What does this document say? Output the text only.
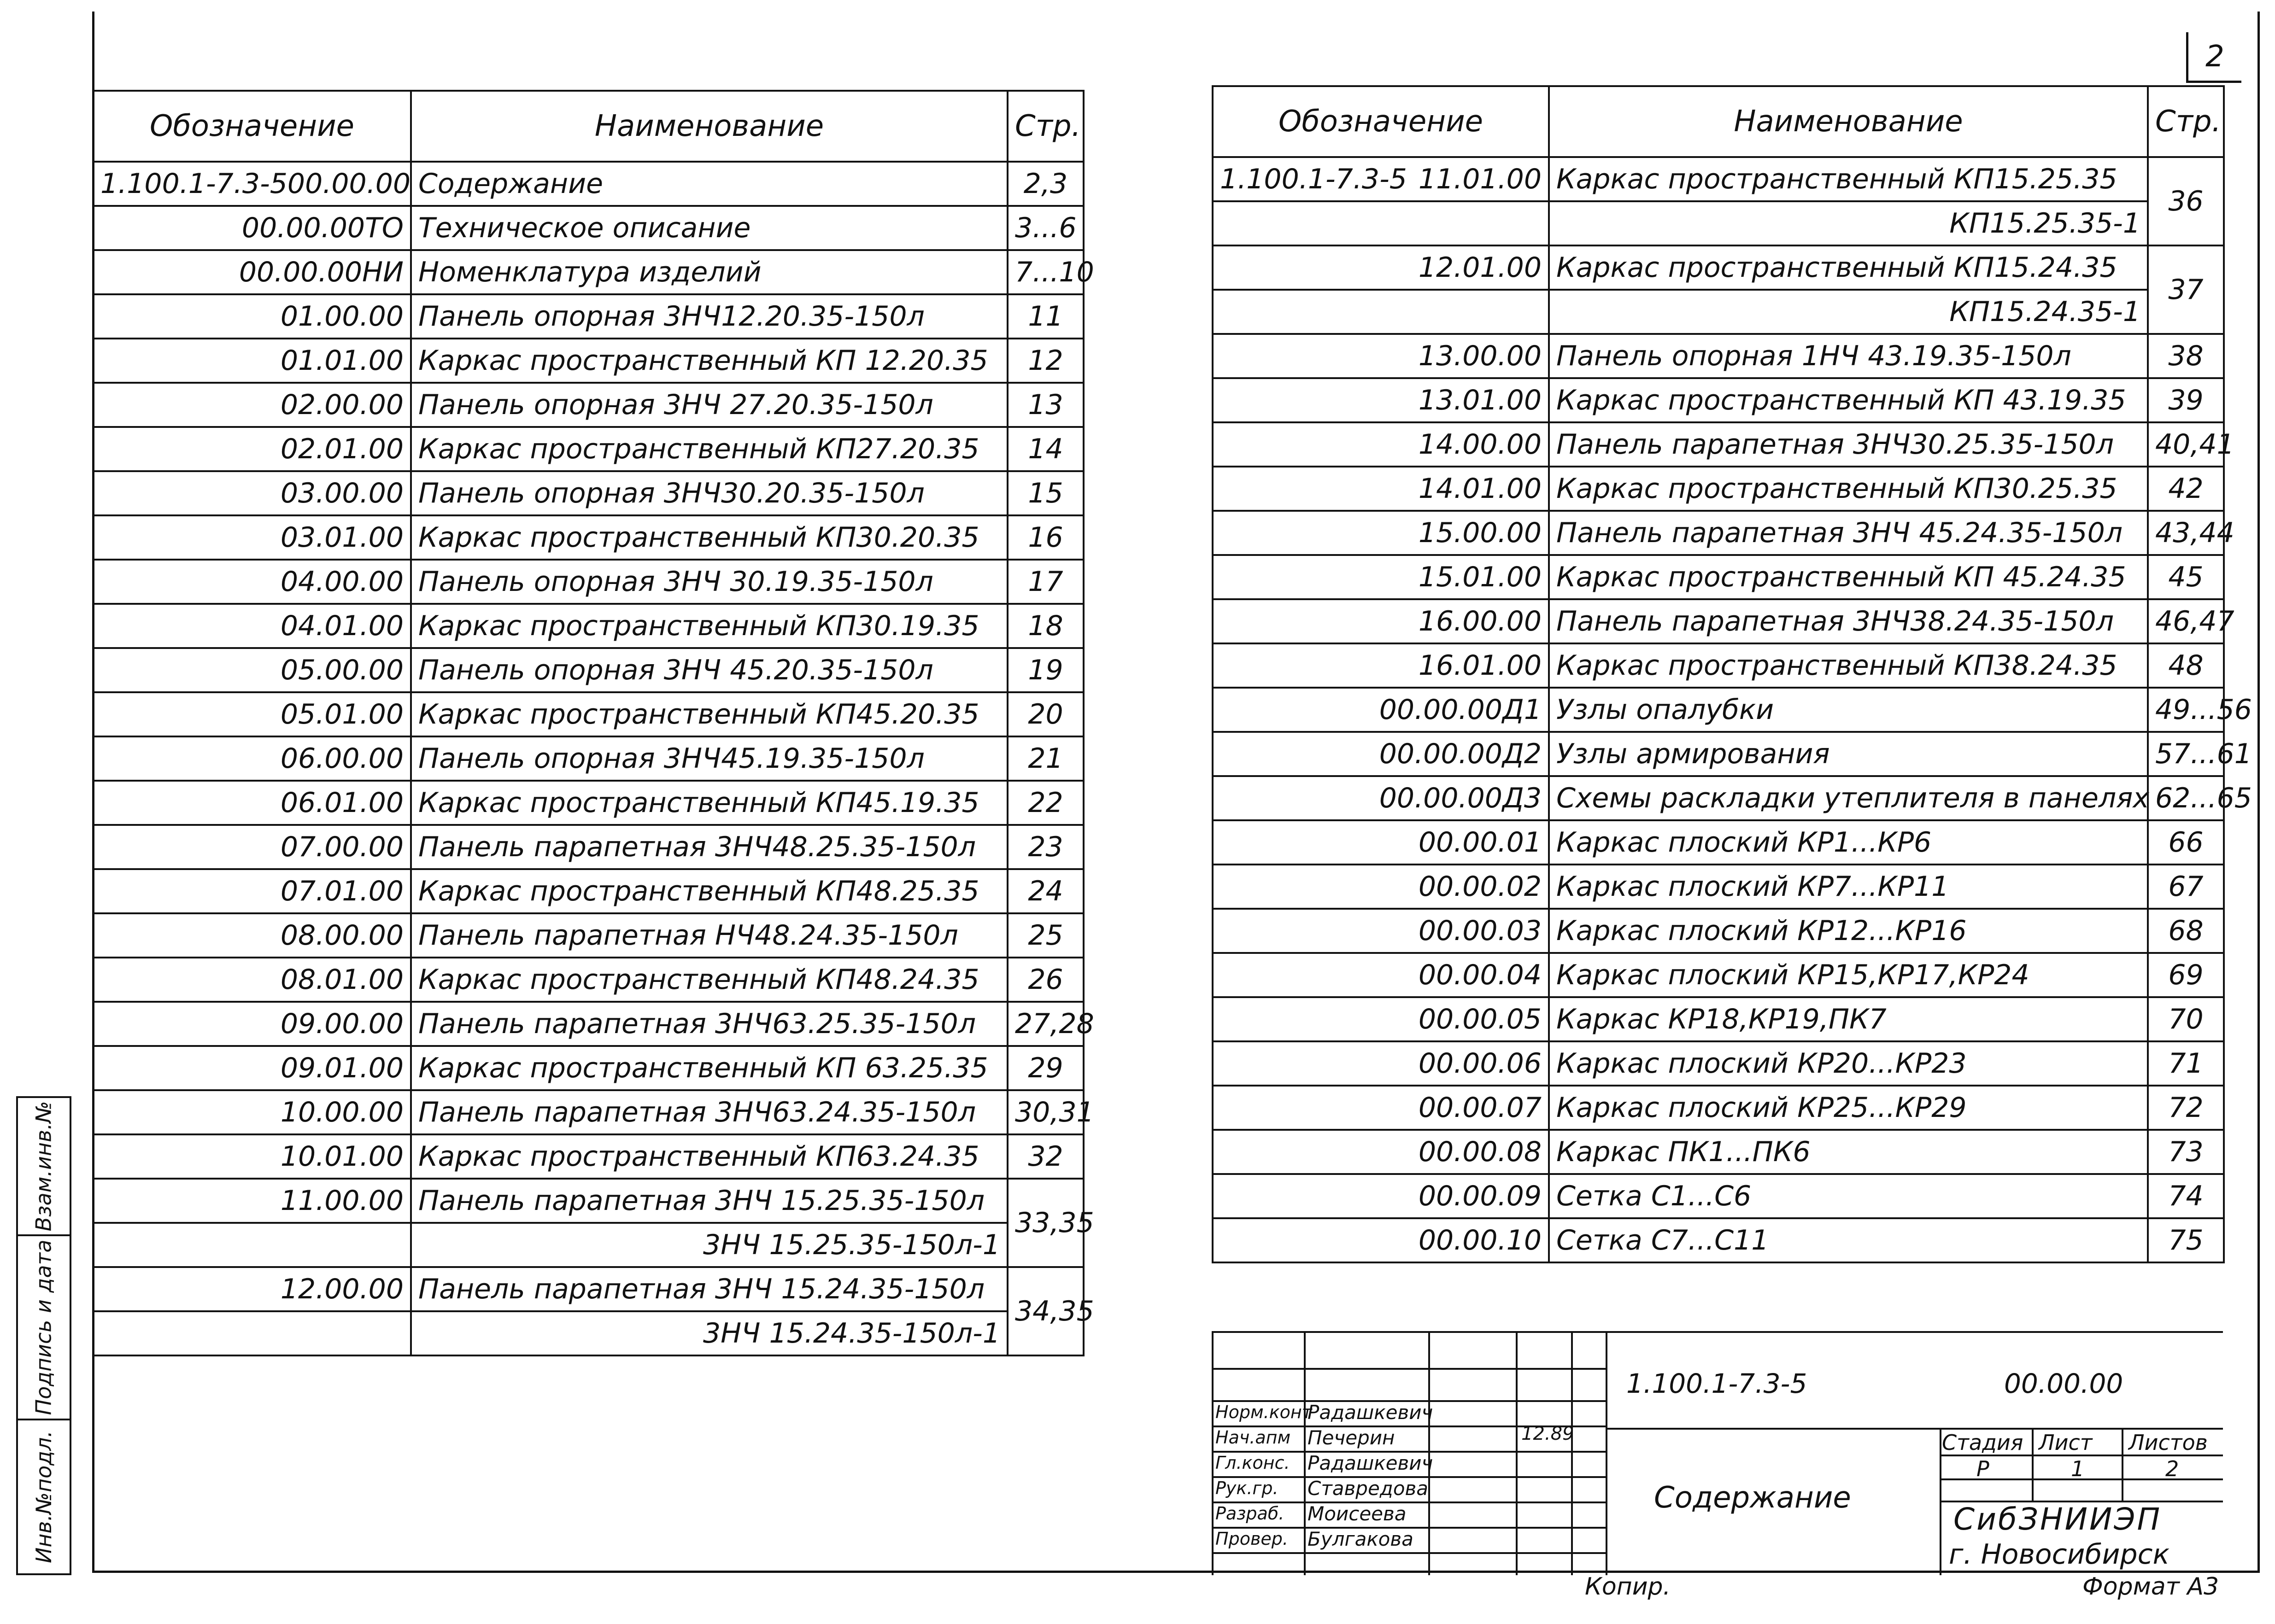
2
Обозначение	Наименование	Стр.

1.100.1-7.3-5 00.00.00	Содержание	2,3
00.00.00ТО	Техническое описание	3...6
00.00.00НИ	Номенклатура изделий	7...10
01.00.00	Панель опорная 3НЧ12.20.35-150л	11
01.01.00	Каркас пространственный КП 12.20.35	12
02.00.00	Панель опорная 3НЧ 27.20.35-150л	13
02.01.00	Каркас пространственный КП27.20.35	14
03.00.00	Панель опорная 3НЧ30.20.35-150л	15
03.01.00	Каркас пространственный КП30.20.35	16
04.00.00	Панель опорная 3НЧ 30.19.35-150л	17
04.01.00	Каркас пространственный КП30.19.35	18
05.00.00	Панель опорная 3НЧ 45.20.35-150л	19
05.01.00	Каркас пространственный КП45.20.35	20
06.00.00	Панель опорная 3НЧ45.19.35-150л	21
06.01.00	Каркас пространственный КП45.19.35	22
07.00.00	Панель парапетная 3НЧ48.25.35-150л	23
07.01.00	Каркас пространственный КП48.25.35	24
08.00.00	Панель парапетная НЧ48.24.35-150л	25
08.01.00	Каркас пространственный КП48.24.35	26
09.00.00	Панель парапетная 3НЧ63.25.35-150л	27,28
09.01.00	Каркас пространственный КП 63.25.35	29
10.00.00	Панель парапетная 3НЧ63.24.35-150л	30,31
10.01.00	Каркас пространственный КП63.24.35	32
11.00.00	Панель парапетная 3НЧ 15.25.35-150л	33,35
	3НЧ 15.25.35-150л-1	
12.00.00	Панель парапетная 3НЧ 15.24.35-150л	34,35
	3НЧ 15.24.35-150л-1	
Обозначение	Наименование	Стр.

1.100.1-7.3-5 11.01.00	Каркас пространственный КП15.25.35	36
	КП15.25.35-1	
12.01.00	Каркас пространственный КП15.24.35	37
	КП15.24.35-1	
13.00.00	Панель опорная 1НЧ 43.19.35-150л	38
13.01.00	Каркас пространственный КП 43.19.35	39
14.00.00	Панель парапетная 3НЧ30.25.35-150л	40,41
14.01.00	Каркас пространственный КП30.25.35	42
15.00.00	Панель парапетная 3НЧ 45.24.35-150л	43,44
15.01.00	Каркас пространственный КП 45.24.35	45
16.00.00	Панель парапетная 3НЧ38.24.35-150л	46,47
16.01.00	Каркас пространственный КП38.24.35	48
00.00.00Д1	Узлы опалубки	49...56
00.00.00Д2	Узлы армирования	57...61
00.00.00Д3	Схемы раскладки утеплителя в панелях	62...65
00.00.01	Каркас плоский КР1...КР6	66
00.00.02	Каркас плоский КР7...КР11	67
00.00.03	Каркас плоский КР12...КР16	68
00.00.04	Каркас плоский КР15,КР17,КР24	69
00.00.05	Каркас КР18,КР19,ПК7	70
00.00.06	Каркас плоский КР20...КР23	71
00.00.07	Каркас плоский КР25...КР29	72
00.00.08	Каркас ПК1...ПК6	73
00.00.09	Сетка С1...С6	74
00.00.10	Сетка С7...С11	75
Взам.инв.№
Подпись и дата
Инв.№подл.
1.100.1-7.3-5	00.00.00
Содержание
Стадия Лист Листов
Р	1	2
СибЗНИИЭП
г. Новосибирск
12.89
Норм.конт
Радашкевич
Нач.апм Печерин
Гл.конс. Радашкевич
Рук.гр. Ставредова
Разраб. Моисеева
Провер. Булгакова
Копир.	Формат А3
